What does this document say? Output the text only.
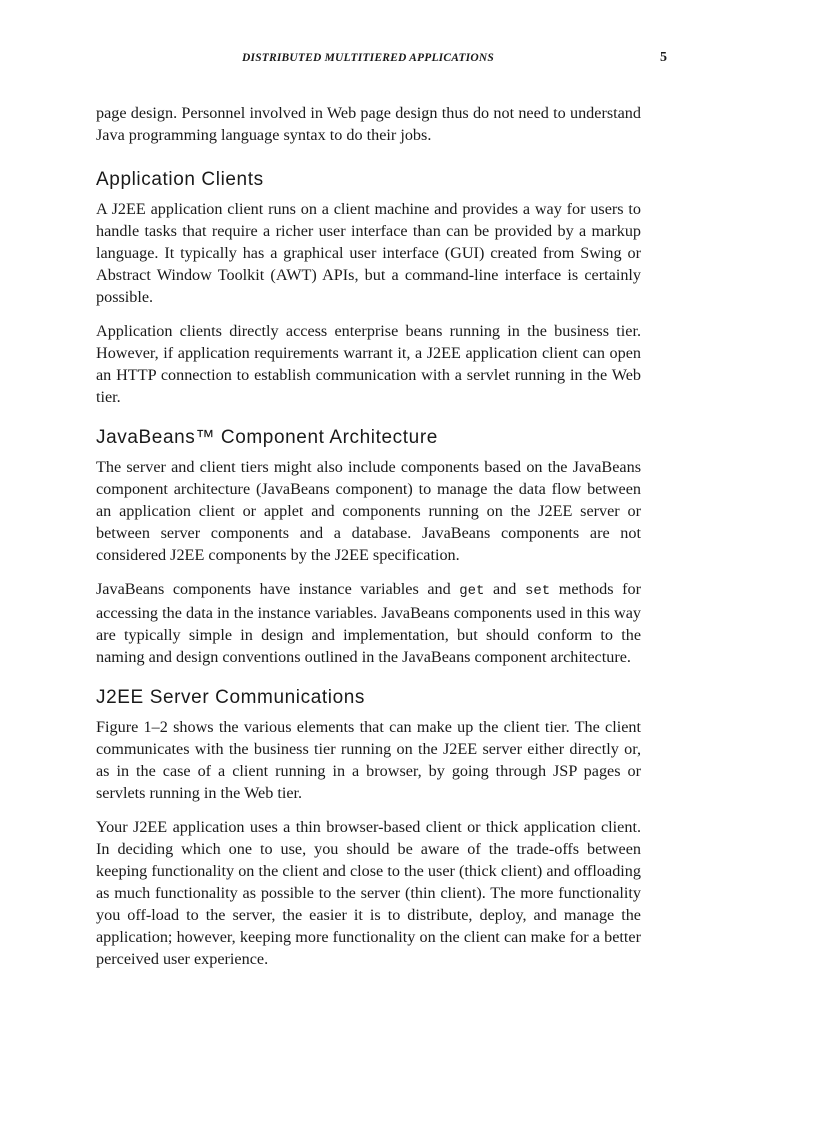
DISTRIBUTED MULTITIERED APPLICATIONS	5

page design. Personnel involved in Web page design thus do not need to understand Java programming language syntax to do their jobs.

Application Clients

A J2EE application client runs on a client machine and provides a way for users to handle tasks that require a richer user interface than can be provided by a markup language. It typically has a graphical user interface (GUI) created from Swing or Abstract Window Toolkit (AWT) APIs, but a command-line interface is certainly possible.

Application clients directly access enterprise beans running in the business tier. However, if application requirements warrant it, a J2EE application client can open an HTTP connection to establish communication with a servlet running in the Web tier.

JavaBeans™ Component Architecture

The server and client tiers might also include components based on the JavaBeans component architecture (JavaBeans component) to manage the data flow between an application client or applet and components running on the J2EE server or between server components and a database. JavaBeans components are not considered J2EE components by the J2EE specification.

JavaBeans components have instance variables and get and set methods for accessing the data in the instance variables. JavaBeans components used in this way are typically simple in design and implementation, but should conform to the naming and design conventions outlined in the JavaBeans component architecture.

J2EE Server Communications

Figure 1–2 shows the various elements that can make up the client tier. The client communicates with the business tier running on the J2EE server either directly or, as in the case of a client running in a browser, by going through JSP pages or servlets running in the Web tier.

Your J2EE application uses a thin browser-based client or thick application client. In deciding which one to use, you should be aware of the trade-offs between keeping functionality on the client and close to the user (thick client) and offloading as much functionality as possible to the server (thin client). The more functionality you off-load to the server, the easier it is to distribute, deploy, and manage the application; however, keeping more functionality on the client can make for a better perceived user experience.
